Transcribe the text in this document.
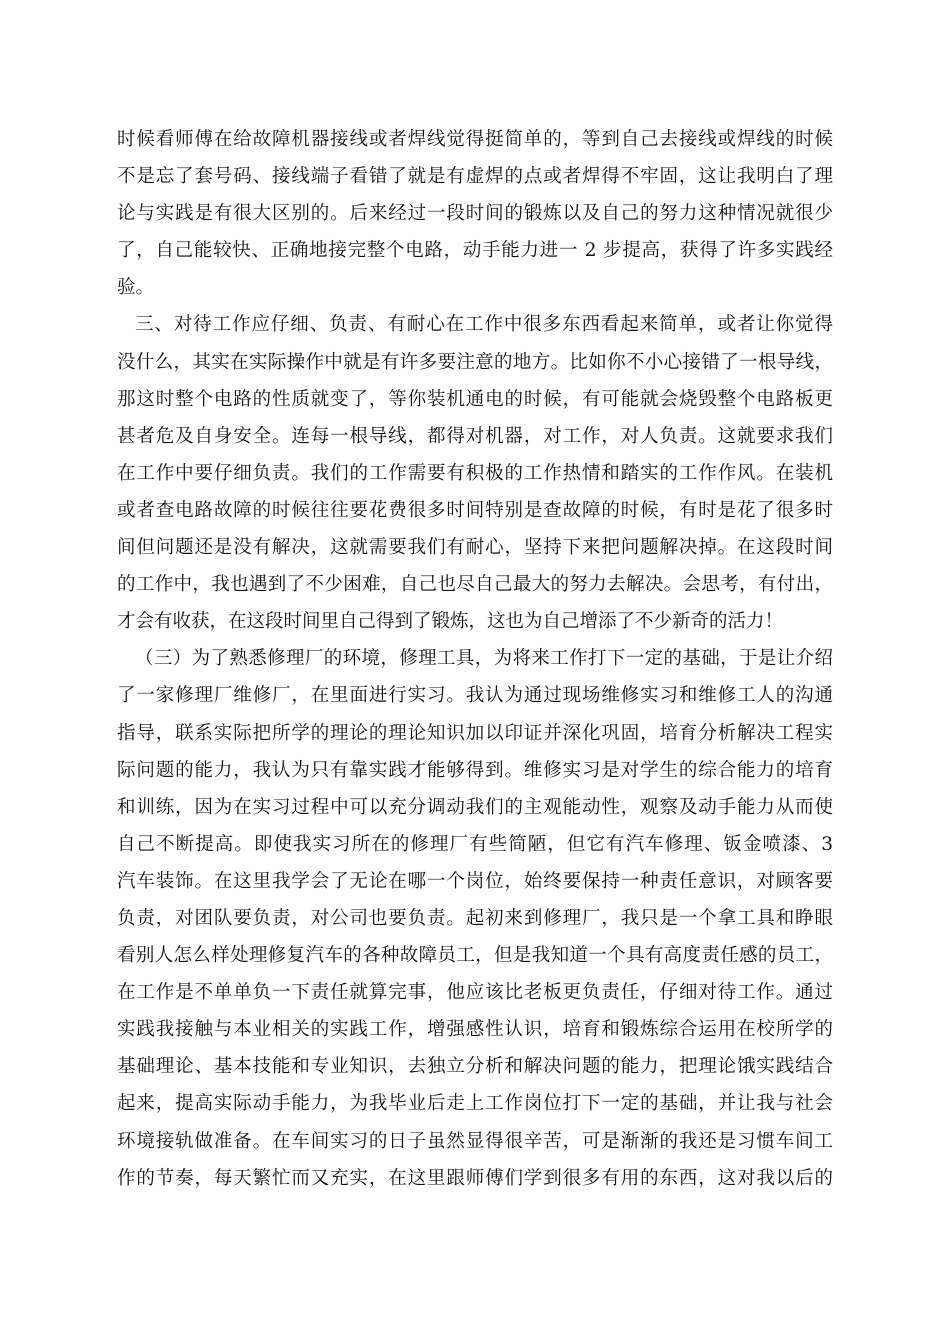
时候看师傅在给故障机器接线或者焊线觉得挺简单的，等到自己去接线或焊线的时候
不是忘了套号码、接线端子看错了就是有虚焊的点或者焊得不牢固，这让我明白了理
论与实践是有很大区别的。后来经过一段时间的锻炼以及自己的努力这种情况就很少
了，自己能较快、正确地接完整个电路，动手能力进一 2 步提高，获得了许多实践经
验。
三、对待工作应仔细、负责、有耐心在工作中很多东西看起来简单，或者让你觉得
没什么，其实在实际操作中就是有许多要注意的地方。比如你不小心接错了一根导线，
那这时整个电路的性质就变了，等你装机通电的时候，有可能就会烧毁整个电路板更
甚者危及自身安全。连每一根导线，都得对机器，对工作，对人负责。这就要求我们
在工作中要仔细负责。我们的工作需要有积极的工作热情和踏实的工作作风。在装机
或者查电路故障的时候往往要花费很多时间特别是查故障的时候，有时是花了很多时
间但问题还是没有解决，这就需要我们有耐心，坚持下来把问题解决掉。在这段时间
的工作中，我也遇到了不少困难，自己也尽自己最大的努力去解决。会思考，有付出，
才会有收获，在这段时间里自己得到了锻炼，这也为自己增添了不少新奇的活力！
（三）为了熟悉修理厂的环境，修理工具，为将来工作打下一定的基础，于是让介绍
了一家修理厂维修厂，在里面进行实习。我认为通过现场维修实习和维修工人的沟通
指导，联系实际把所学的理论的理论知识加以印证并深化巩固，培育分析解决工程实
际问题的能力，我认为只有靠实践才能够得到。维修实习是对学生的综合能力的培育
和训练，因为在实习过程中可以充分调动我们的主观能动性，观察及动手能力从而使
自己不断提高。即使我实习所在的修理厂有些简陋，但它有汽车修理、钣金喷漆、3
汽车装饰。在这里我学会了无论在哪一个岗位，始终要保持一种责任意识，对顾客要
负责，对团队要负责，对公司也要负责。起初来到修理厂，我只是一个拿工具和睁眼
看别人怎么样处理修复汽车的各种故障员工，但是我知道一个具有高度责任感的员工，
在工作是不单单负一下责任就算完事，他应该比老板更负责任，仔细对待工作。通过
实践我接触与本业相关的实践工作，增强感性认识，培育和锻炼综合运用在校所学的
基础理论、基本技能和专业知识，去独立分析和解决问题的能力，把理论饿实践结合
起来，提高实际动手能力，为我毕业后走上工作岗位打下一定的基础，并让我与社会
环境接轨做准备。在车间实习的日子虽然显得很辛苦，可是渐渐的我还是习惯车间工
作的节奏，每天繁忙而又充实，在这里跟师傅们学到很多有用的东西，这对我以后的
